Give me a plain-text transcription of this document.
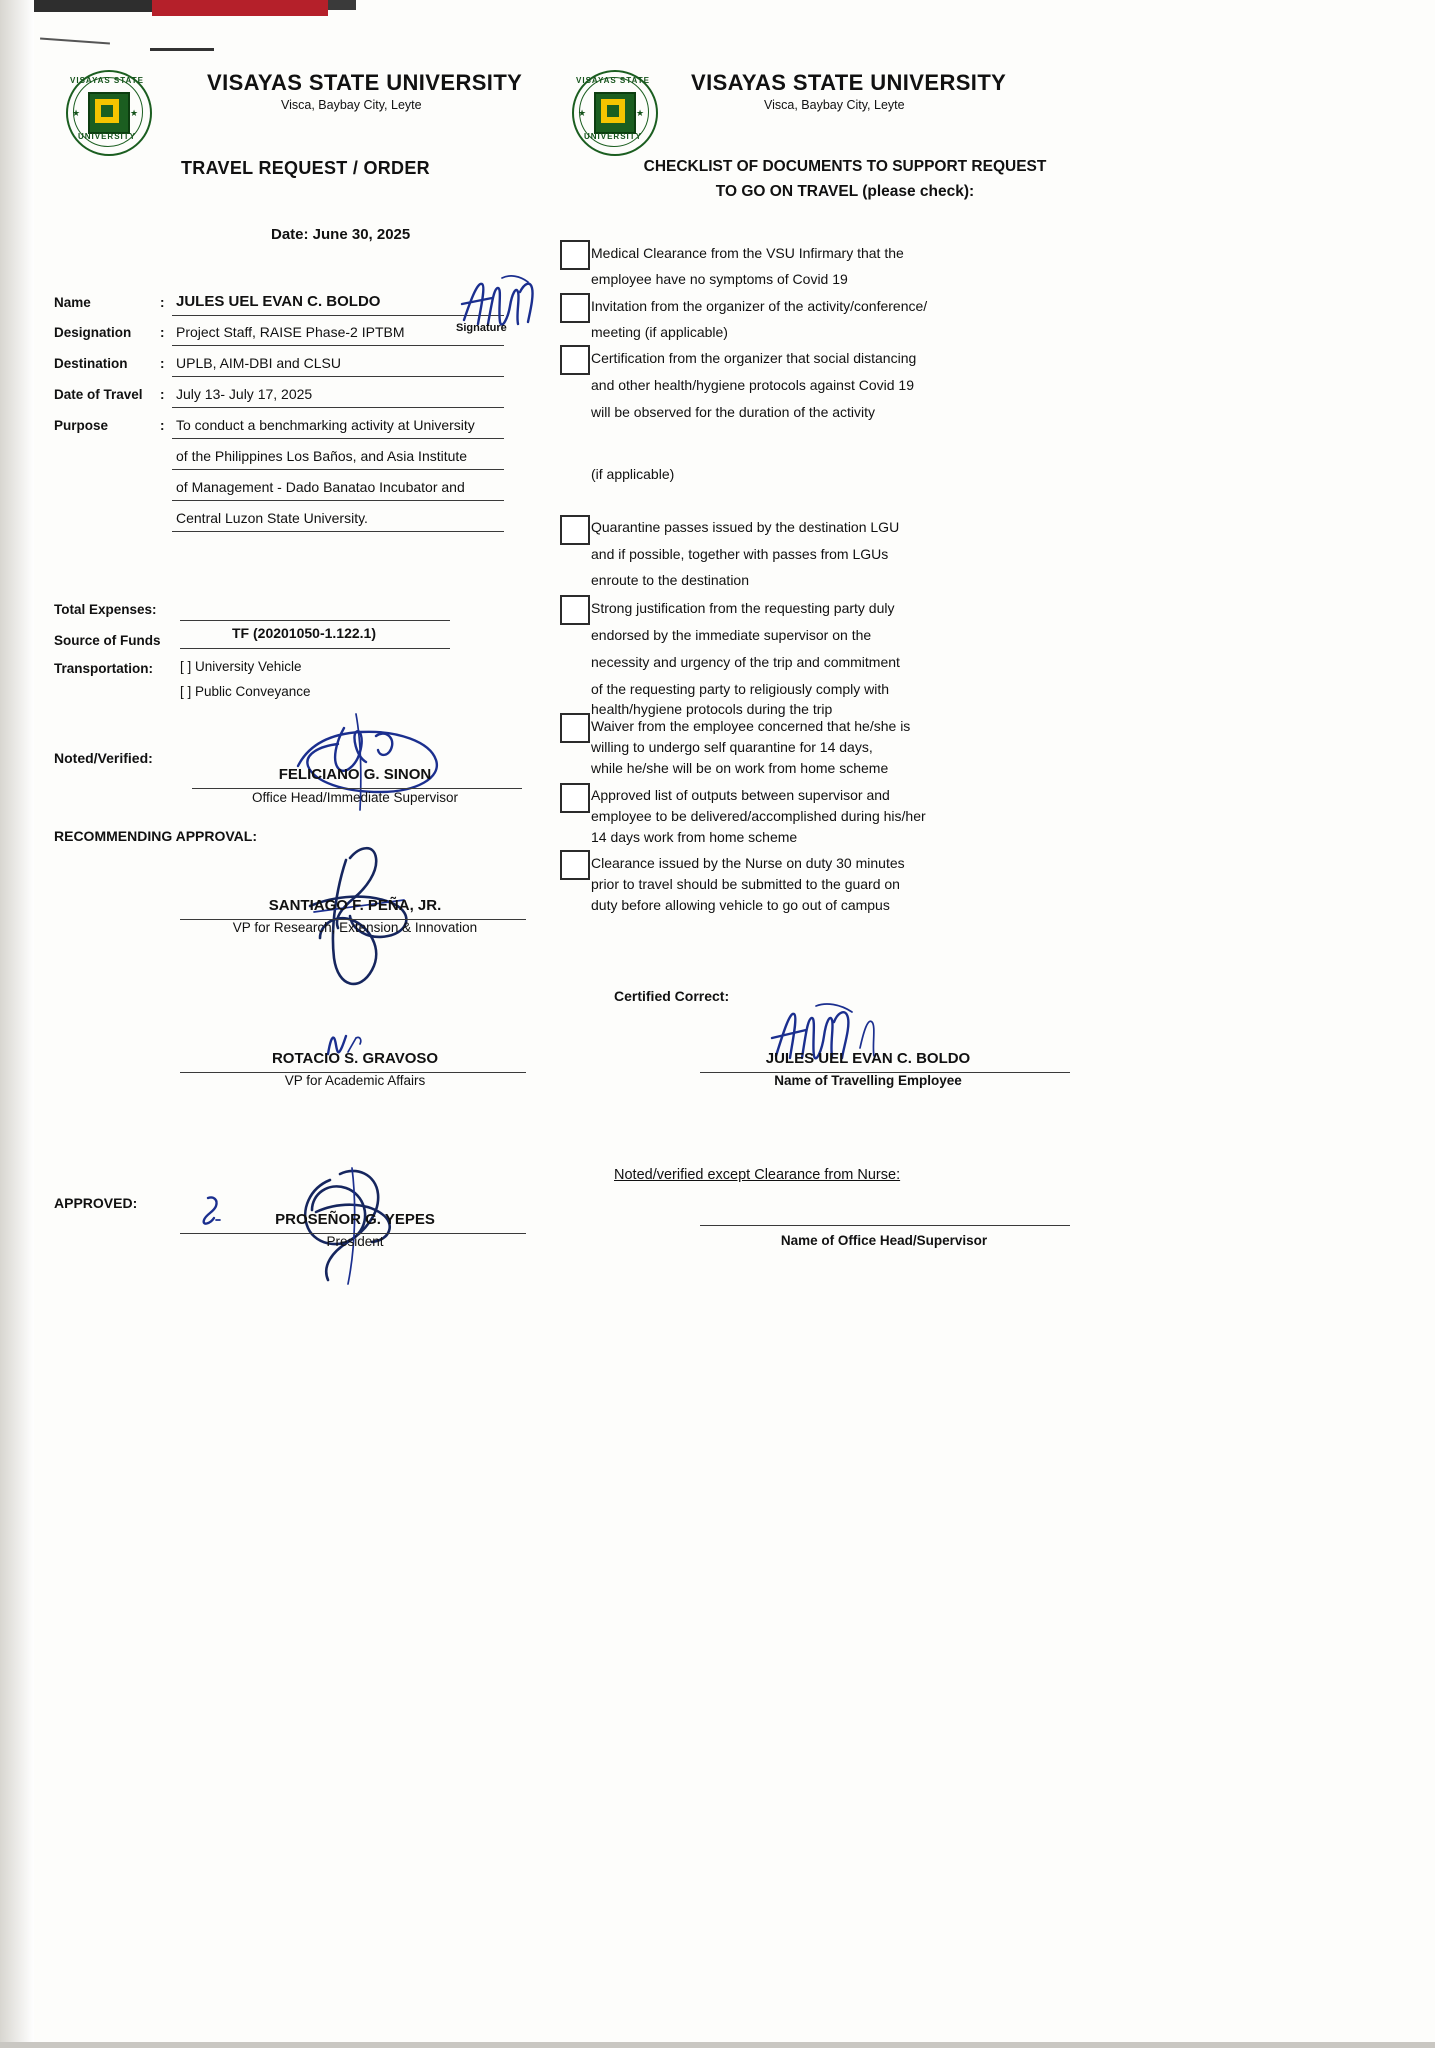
VISAYAS STATE
UNIVERSITY
★	★
VISAYAS STATE UNIVERSITY
Visca, Baybay City, Leyte
TRAVEL REQUEST / ORDER
Date: June 30, 2025
Name	: JULES UEL EVAN C. BOLDO
Designation : Project Staff, RAISE Phase-2 IPTBM
Destination : UPLB, AIM-DBI and CLSU
Date of Travel : July 13- July 17, 2025
Purpose	: To conduct a benchmarking activity at University
of the Philippines Los Baños, and Asia Institute
of Management - Dado Banatao Incubator and
Central Luzon State University.
Signature
Total Expenses:
Source of Funds	TF (20201050-1.122.1)
Transportation: [ ] University Vehicle
[ ] Public Conveyance
Noted/Verified:
FELICIANO G. SINON
Office Head/Immediate Supervisor
RECOMMENDING APPROVAL:
SANTIAGO F. PEÑA, JR.
VP for Research, Extension & Innovation
ROTACIO S. GRAVOSO
VP for Academic Affairs
APPROVED:
PROSEÑOR G. YEPES
President
VISAYAS STATE
UNIVERSITY
★	★
VISAYAS STATE UNIVERSITY
Visca, Baybay City, Leyte
CHECKLIST OF DOCUMENTS TO SUPPORT REQUEST
TO GO ON TRAVEL (please check):
Medical Clearance from the VSU Infirmary that the
employee have no symptoms of Covid 19
Invitation from the organizer of the activity/conference/
meeting (if applicable)
Certification from the organizer that social distancing
and other health/hygiene protocols against Covid 19
will be observed for the duration of the activity
(if applicable)
Quarantine passes issued by the destination LGU
and if possible, together with passes from LGUs
enroute to the destination
Strong justification from the requesting party duly
endorsed by the immediate supervisor on the
necessity and urgency of the trip and commitment
of the requesting party to religiously comply with
health/hygiene protocols during the trip
Waiver from the employee concerned that he/she is
willing to undergo self quarantine for 14 days,
while he/she will be on work from home scheme
Approved list of outputs between supervisor and
employee to be delivered/accomplished during his/her
14 days work from home scheme
Clearance issued by the Nurse on duty 30 minutes
prior to travel should be submitted to the guard on
duty before allowing vehicle to go out of campus
Certified Correct:
JULES UEL EVAN C. BOLDO
Name of Travelling Employee
Noted/verified except Clearance from Nurse:
Name of Office Head/Supervisor
